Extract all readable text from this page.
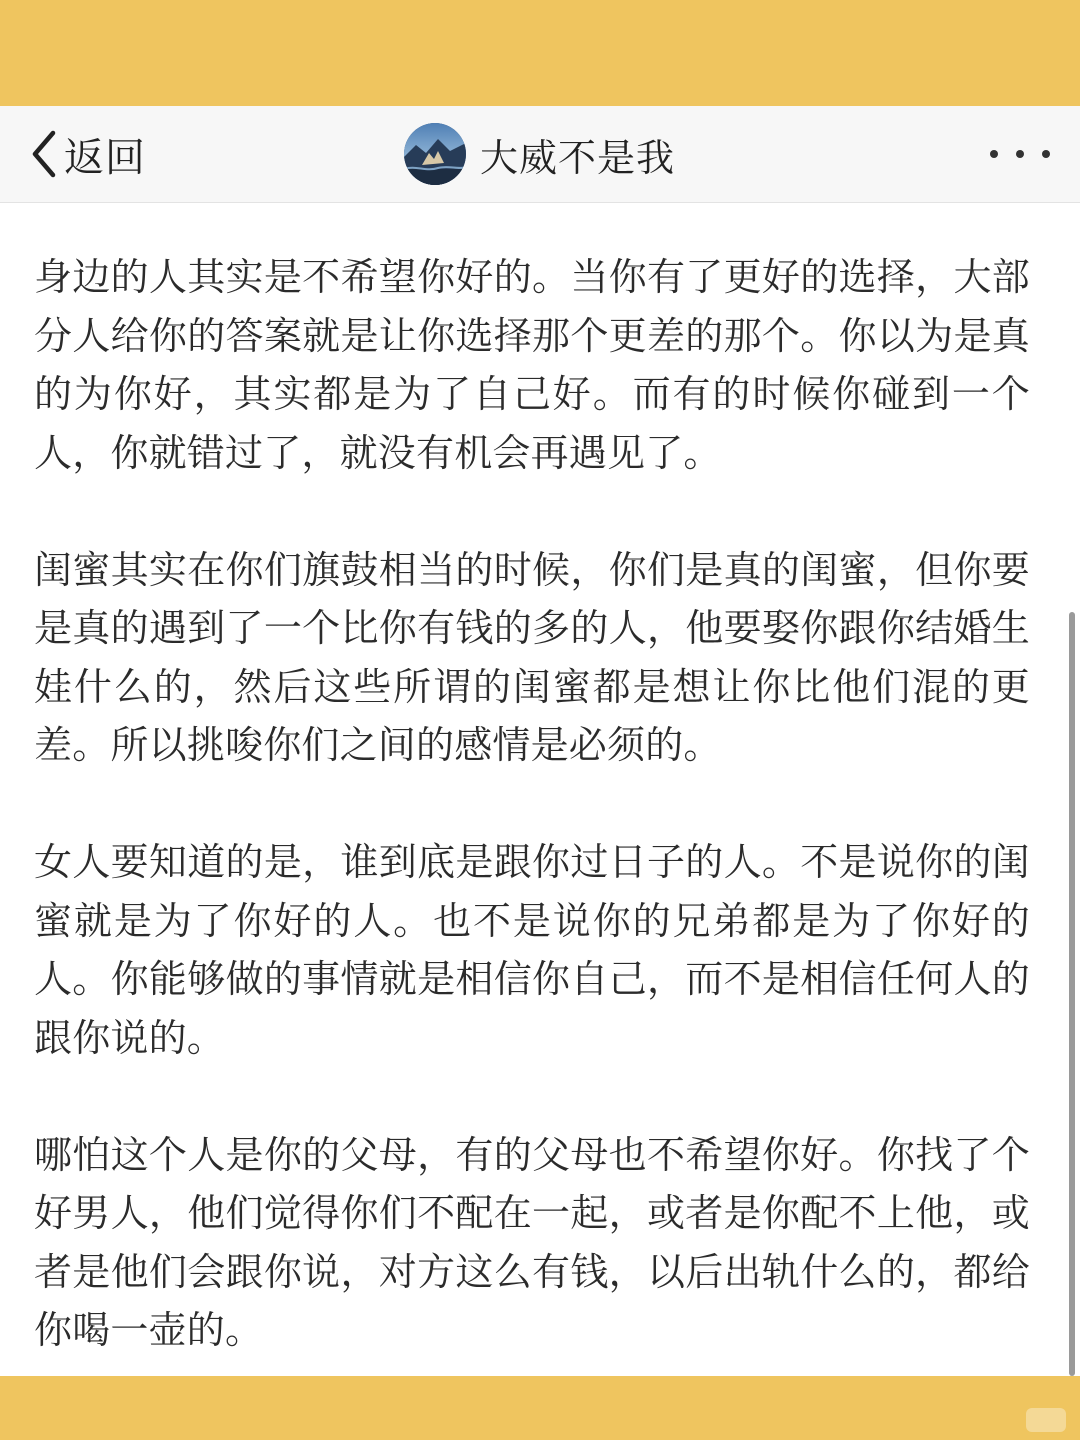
返回	大威不是我

身边的人其实是不希望你好的。当你有了更好的选择，大部分人给你的答案就是让你选择那个更差的那个。你以为是真的为你好，其实都是为了自己好。而有的时候你碰到一个人，你就错过了，就没有机会再遇见了。

闺蜜其实在你们旗鼓相当的时候，你们是真的闺蜜，但你要是真的遇到了一个比你有钱的多的人，他要娶你跟你结婚生娃什么的，然后这些所谓的闺蜜都是想让你比他们混的更差。所以挑唆你们之间的感情是必须的。

女人要知道的是，谁到底是跟你过日子的人。不是说你的闺蜜就是为了你好的人。也不是说你的兄弟都是为了你好的人。你能够做的事情就是相信你自己，而不是相信任何人的跟你说的。

哪怕这个人是你的父母，有的父母也不希望你好。你找了个好男人，他们觉得你们不配在一起，或者是你配不上他，或者是他们会跟你说，对方这么有钱，以后出轨什么的，都给你喝一壶的。
